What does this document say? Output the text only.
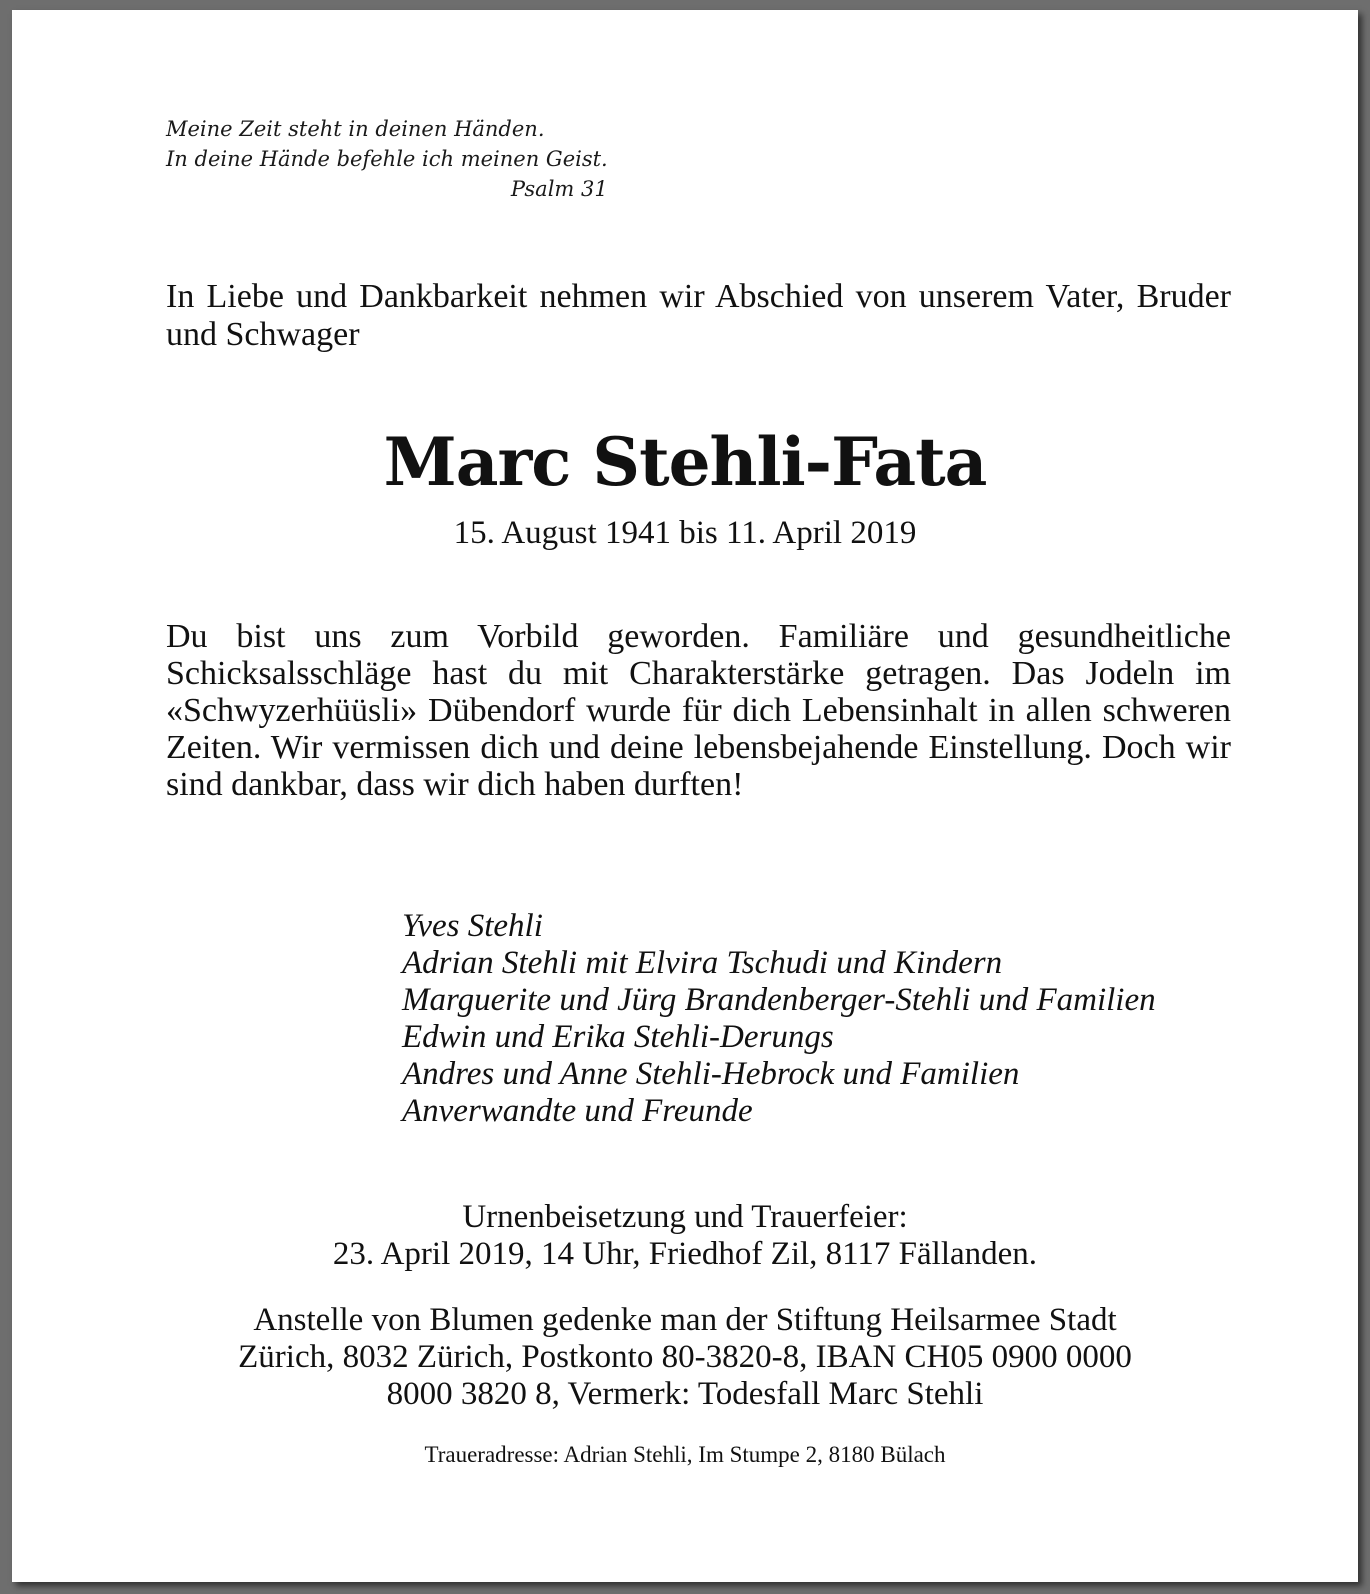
Meine Zeit steht in deinen Händen.
In deine Hände befehle ich meinen Geist.
Psalm 31
In Liebe und Dankbarkeit nehmen wir Abschied von unserem Vater, Bruder und Schwager
Marc Stehli-Fata
15. August 1941 bis 11. April 2019
Du bist uns zum Vorbild geworden. Familiäre und gesundheitliche Schicksalsschläge hast du mit Charakterstärke getragen. Das Jodeln im «Schwyzerhüüsli» Dübendorf wurde für dich Lebensinhalt in allen schweren Zeiten. Wir vermissen dich und deine lebensbejahende Einstellung. Doch wir sind dankbar, dass wir dich haben durften!
Yves Stehli
Adrian Stehli mit Elvira Tschudi und Kindern
Marguerite und Jürg Brandenberger-Stehli und Familien
Edwin und Erika Stehli-Derungs
Andres und Anne Stehli-Hebrock und Familien
Anverwandte und Freunde
Urnenbeisetzung und Trauerfeier:
23. April 2019, 14 Uhr, Friedhof Zil, 8117 Fällanden.
Anstelle von Blumen gedenke man der Stiftung Heilsarmee Stadt
Zürich, 8032 Zürich, Postkonto 80-3820-8, IBAN CH05 0900 0000
8000 3820 8, Vermerk: Todesfall Marc Stehli
Traueradresse: Adrian Stehli, Im Stumpe 2, 8180 Bülach
